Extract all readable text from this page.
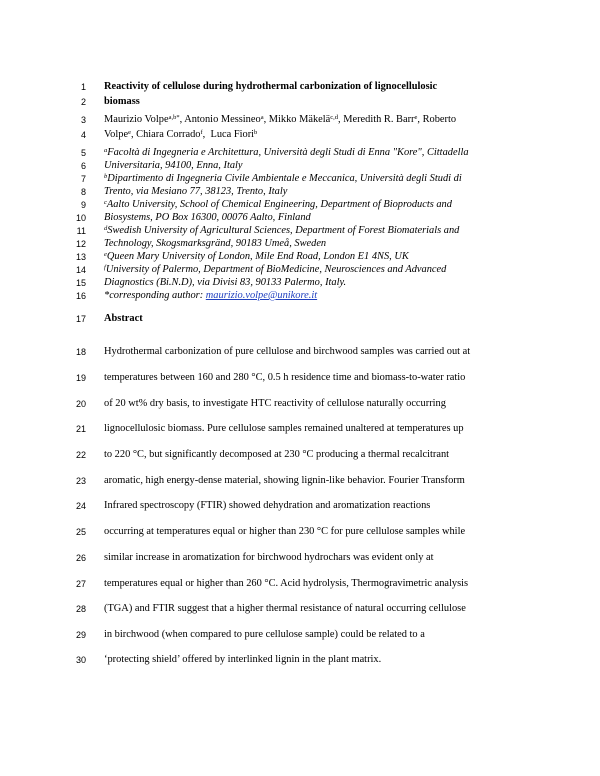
1
2
3
4
5
6
7
8
9
10
11
12
13
14
15
16
17
18
19
20
21
22
23
24
25
26
27
28
29
30
Reactivity of cellulose during hydrothermal carbonization of lignocellulosic
biomass
Maurizio Volpe$^{a,b*}$, Antonio Messineo$^a$, Mikko Mäkelä$^{c,d}$, Meredith R. Barr$^e$, Roberto
Volpe$^e$, Chiara Corrado$^f$,  Luca Fiori$^b$
$^a$Facoltà di Ingegneria e Architettura, Università degli Studi di Enna "Kore", Cittadella
Universitaria, 94100, Enna, Italy
$^b$Dipartimento di Ingegneria Civile Ambientale e Meccanica, Università degli Studi di
Trento, via Mesiano 77, 38123, Trento, Italy
$^c$Aalto University, School of Chemical Engineering, Department of Bioproducts and
Biosystems, PO Box 16300, 00076 Aalto, Finland
$^d$Swedish University of Agricultural Sciences, Department of Forest Biomaterials and
Technology, Skogsmarksgränd, 90183 Umeå, Sweden
$^e$Queen Mary University of London, Mile End Road, London E1 4NS, UK
$^f$University of Palermo, Department of BioMedicine, Neurosciences and Advanced
Diagnostics (Bi.N.D), via Divisi 83, 90133 Palermo, Italy.
*corresponding author: maurizio.volpe@unikore.it
Abstract
Hydrothermal carbonization of pure cellulose and birchwood samples was carried out at
temperatures between 160 and 280 °C, 0.5 h residence time and biomass-to-water ratio
of 20 wt% dry basis, to investigate HTC reactivity of cellulose naturally occurring
lignocellulosic biomass. Pure cellulose samples remained unaltered at temperatures up
to 220 °C, but significantly decomposed at 230 °C producing a thermal recalcitrant
aromatic, high energy-dense material, showing lignin-like behavior. Fourier Transform
Infrared spectroscopy (FTIR) showed dehydration and aromatization reactions
occurring at temperatures equal or higher than 230 °C for pure cellulose samples while
similar increase in aromatization for birchwood hydrochars was evident only at
temperatures equal or higher than 260 °C. Acid hydrolysis, Thermogravimetric analysis
(TGA) and FTIR suggest that a higher thermal resistance of natural occurring cellulose
in birchwood (when compared to pure cellulose sample) could be related to a
‘protecting shield’ offered by interlinked lignin in the plant matrix.
